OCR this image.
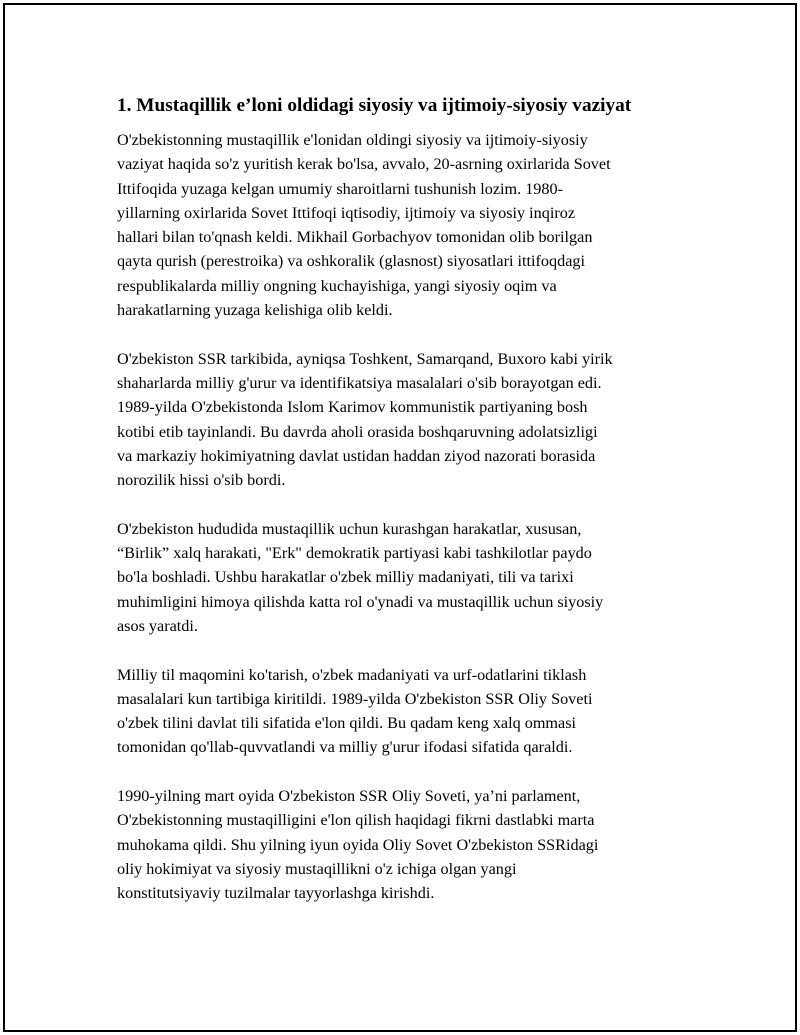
1. Mustaqillik e’loni oldidagi siyosiy va ijtimoiy-siyosiy vaziyat

O'zbekistonning mustaqillik e'lonidan oldingi siyosiy va ijtimoiy-siyosiy
vaziyat haqida so'z yuritish kerak bo'lsa, avvalo, 20-asrning oxirlarida Sovet
Ittifoqida yuzaga kelgan umumiy sharoitlarni tushunish lozim. 1980-
yillarning oxirlarida Sovet Ittifoqi iqtisodiy, ijtimoiy va siyosiy inqiroz
hallari bilan to'qnash keldi. Mikhail Gorbachyov tomonidan olib borilgan
qayta qurish (perestroika) va oshkoralik (glasnost) siyosatlari ittifoqdagi
respublikalarda milliy ongning kuchayishiga, yangi siyosiy oqim va
harakatlarning yuzaga kelishiga olib keldi.

O'zbekiston SSR tarkibida, ayniqsa Toshkent, Samarqand, Buxoro kabi yirik
shaharlarda milliy g'urur va identifikatsiya masalalari o'sib borayotgan edi.
1989-yilda O'zbekistonda Islom Karimov kommunistik partiyaning bosh
kotibi etib tayinlandi. Bu davrda aholi orasida boshqaruvning adolatsizligi
va markaziy hokimiyatning davlat ustidan haddan ziyod nazorati borasida
norozilik hissi o'sib bordi.

O'zbekiston hududida mustaqillik uchun kurashgan harakatlar, xususan,
“Birlik” xalq harakati, "Erk" demokratik partiyasi kabi tashkilotlar paydo
bo'la boshladi. Ushbu harakatlar o'zbek milliy madaniyati, tili va tarixi
muhimligini himoya qilishda katta rol o'ynadi va mustaqillik uchun siyosiy
asos yaratdi.

Milliy til maqomini ko'tarish, o'zbek madaniyati va urf-odatlarini tiklash
masalalari kun tartibiga kiritildi. 1989-yilda O'zbekiston SSR Oliy Soveti
o'zbek tilini davlat tili sifatida e'lon qildi. Bu qadam keng xalq ommasi
tomonidan qo'llab-quvvatlandi va milliy g'urur ifodasi sifatida qaraldi.

1990-yilning mart oyida O'zbekiston SSR Oliy Soveti, ya’ni parlament,
O'zbekistonning mustaqilligini e'lon qilish haqidagi fikrni dastlabki marta
muhokama qildi. Shu yilning iyun oyida Oliy Sovet O'zbekiston SSRidagi
oliy hokimiyat va siyosiy mustaqillikni o'z ichiga olgan yangi
konstitutsiyaviy tuzilmalar tayyorlashga kirishdi.
